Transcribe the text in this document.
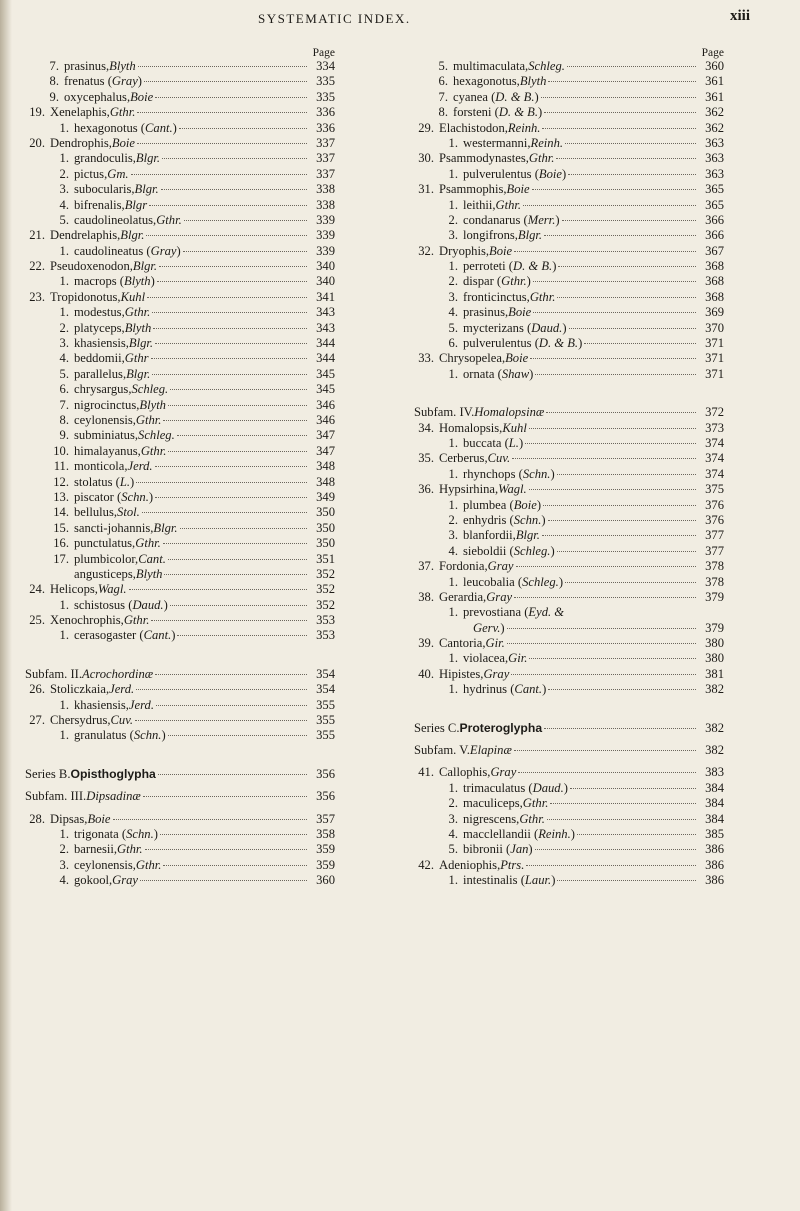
SYSTEMATIC INDEX.	xiii
Page
7. prasinus, Blyth	334
8. frenatus ( Gray )	335
9. oxycephalus, Boie	335
19. Xenelaphis, Gthr.	336
1. hexagonotus ( Cant. )	336
20. Dendrophis, Boie	337
1. grandoculis, Blgr.	337
2. pictus, Gm.	337
3. subocularis, Blgr.	338
4. bifrenalis, Blgr	338
5. caudolineolatus, Gthr.	339
21. Dendrelaphis, Blgr.	339
1. caudolineatus ( Gray )	339
22. Pseudoxenodon, Blgr.	340
1. macrops ( Blyth )	340
23. Tropidonotus, Kuhl	341
1. modestus, Gthr.	343
2. platyceps, Blyth	343
3. khasiensis, Blgr.	344
4. beddomii, Gthr	344
5. parallelus, Blgr.	345
6. chrysargus, Schleg.	345
7. nigrocinctus, Blyth	346
8. ceylonensis, Gthr.	346
9. subminiatus, Schleg.	347
10. himalayanus, Gthr.	347
11. monticola, Jerd.	348
12. stolatus ( L. )	348
13. piscator ( Schn. )	349
14. bellulus, Stol.	350
15. sancti-johannis, Blgr.	350
16. punctulatus, Gthr.	350
17. plumbicolor, Cant.	351
angusticeps, Blyth	352
24. Helicops, Wagl.	352
1. schistosus ( Daud. )	352
25. Xenochrophis, Gthr.	353
1. cerasogaster ( Cant. )	353
Subfam. II. Acrochordinæ	354
26. Stoliczkaia, Jerd.	354
1. khasiensis, Jerd.	355
27. Chersydrus, Cuv.	355
1. granulatus ( Schn. )	355
Series B. Opisthoglypha	356
Subfam. III. Dipsadinæ	356
28. Dipsas, Boie	357
1. trigonata ( Schn. )	358
2. barnesii, Gthr.	359
3. ceylonensis, Gthr.	359
4. gokool, Gray	360
Page
5. multimaculata, Schleg.	360
6. hexagonotus, Blyth	361
7. cyanea ( D. & B. )	361
8. forsteni ( D. & B. )	362
29. Elachistodon, Reinh.	362
1. westermanni, Reinh.	363
30. Psammodynastes, Gthr.	363
1. pulverulentus ( Boie )	363
31. Psammophis, Boie	365
1. leithii, Gthr.	365
2. condanarus ( Merr. )	366
3. longifrons, Blgr.	366
32. Dryophis, Boie	367
1. perroteti ( D. & B. )	368
2. dispar ( Gthr. )	368
3. fronticinctus, Gthr.	368
4. prasinus, Boie	369
5. mycterizans ( Daud. )	370
6. pulverulentus ( D. & B. )	371
33. Chrysopelea, Boie	371
1. ornata ( Shaw )	371
Subfam. IV. Homalopsinæ	372
34. Homalopsis, Kuhl	373
1. buccata ( L. )	374
35. Cerberus, Cuv.	374
1. rhynchops ( Schn. )	374
36. Hypsirhina, Wagl.	375
1. plumbea ( Boie )	376
2. enhydris ( Schn. )	376
3. blanfordii, Blgr.	377
4. sieboldii ( Schleg. )	377
37. Fordonia, Gray	378
1. leucobalia ( Schleg. )	378
38. Gerardia, Gray	379
1. prevostiana ( Eyd. &
Gerv. )	379
39. Cantoria, Gir.	380
1. violacea, Gir.	380
40. Hipistes, Gray	381
1. hydrinus ( Cant. )	382
Series C. Proteroglypha	382
Subfam. V. Elapinæ	382
41. Callophis, Gray	383
1. trimaculatus ( Daud. )	384
2. maculiceps, Gthr.	384
3. nigrescens, Gthr.	384
4. macclellandii ( Reinh. )	385
5. bibronii ( Jan )	386
42. Adeniophis, Ptrs.	386
1. intestinalis ( Laur. )	386
